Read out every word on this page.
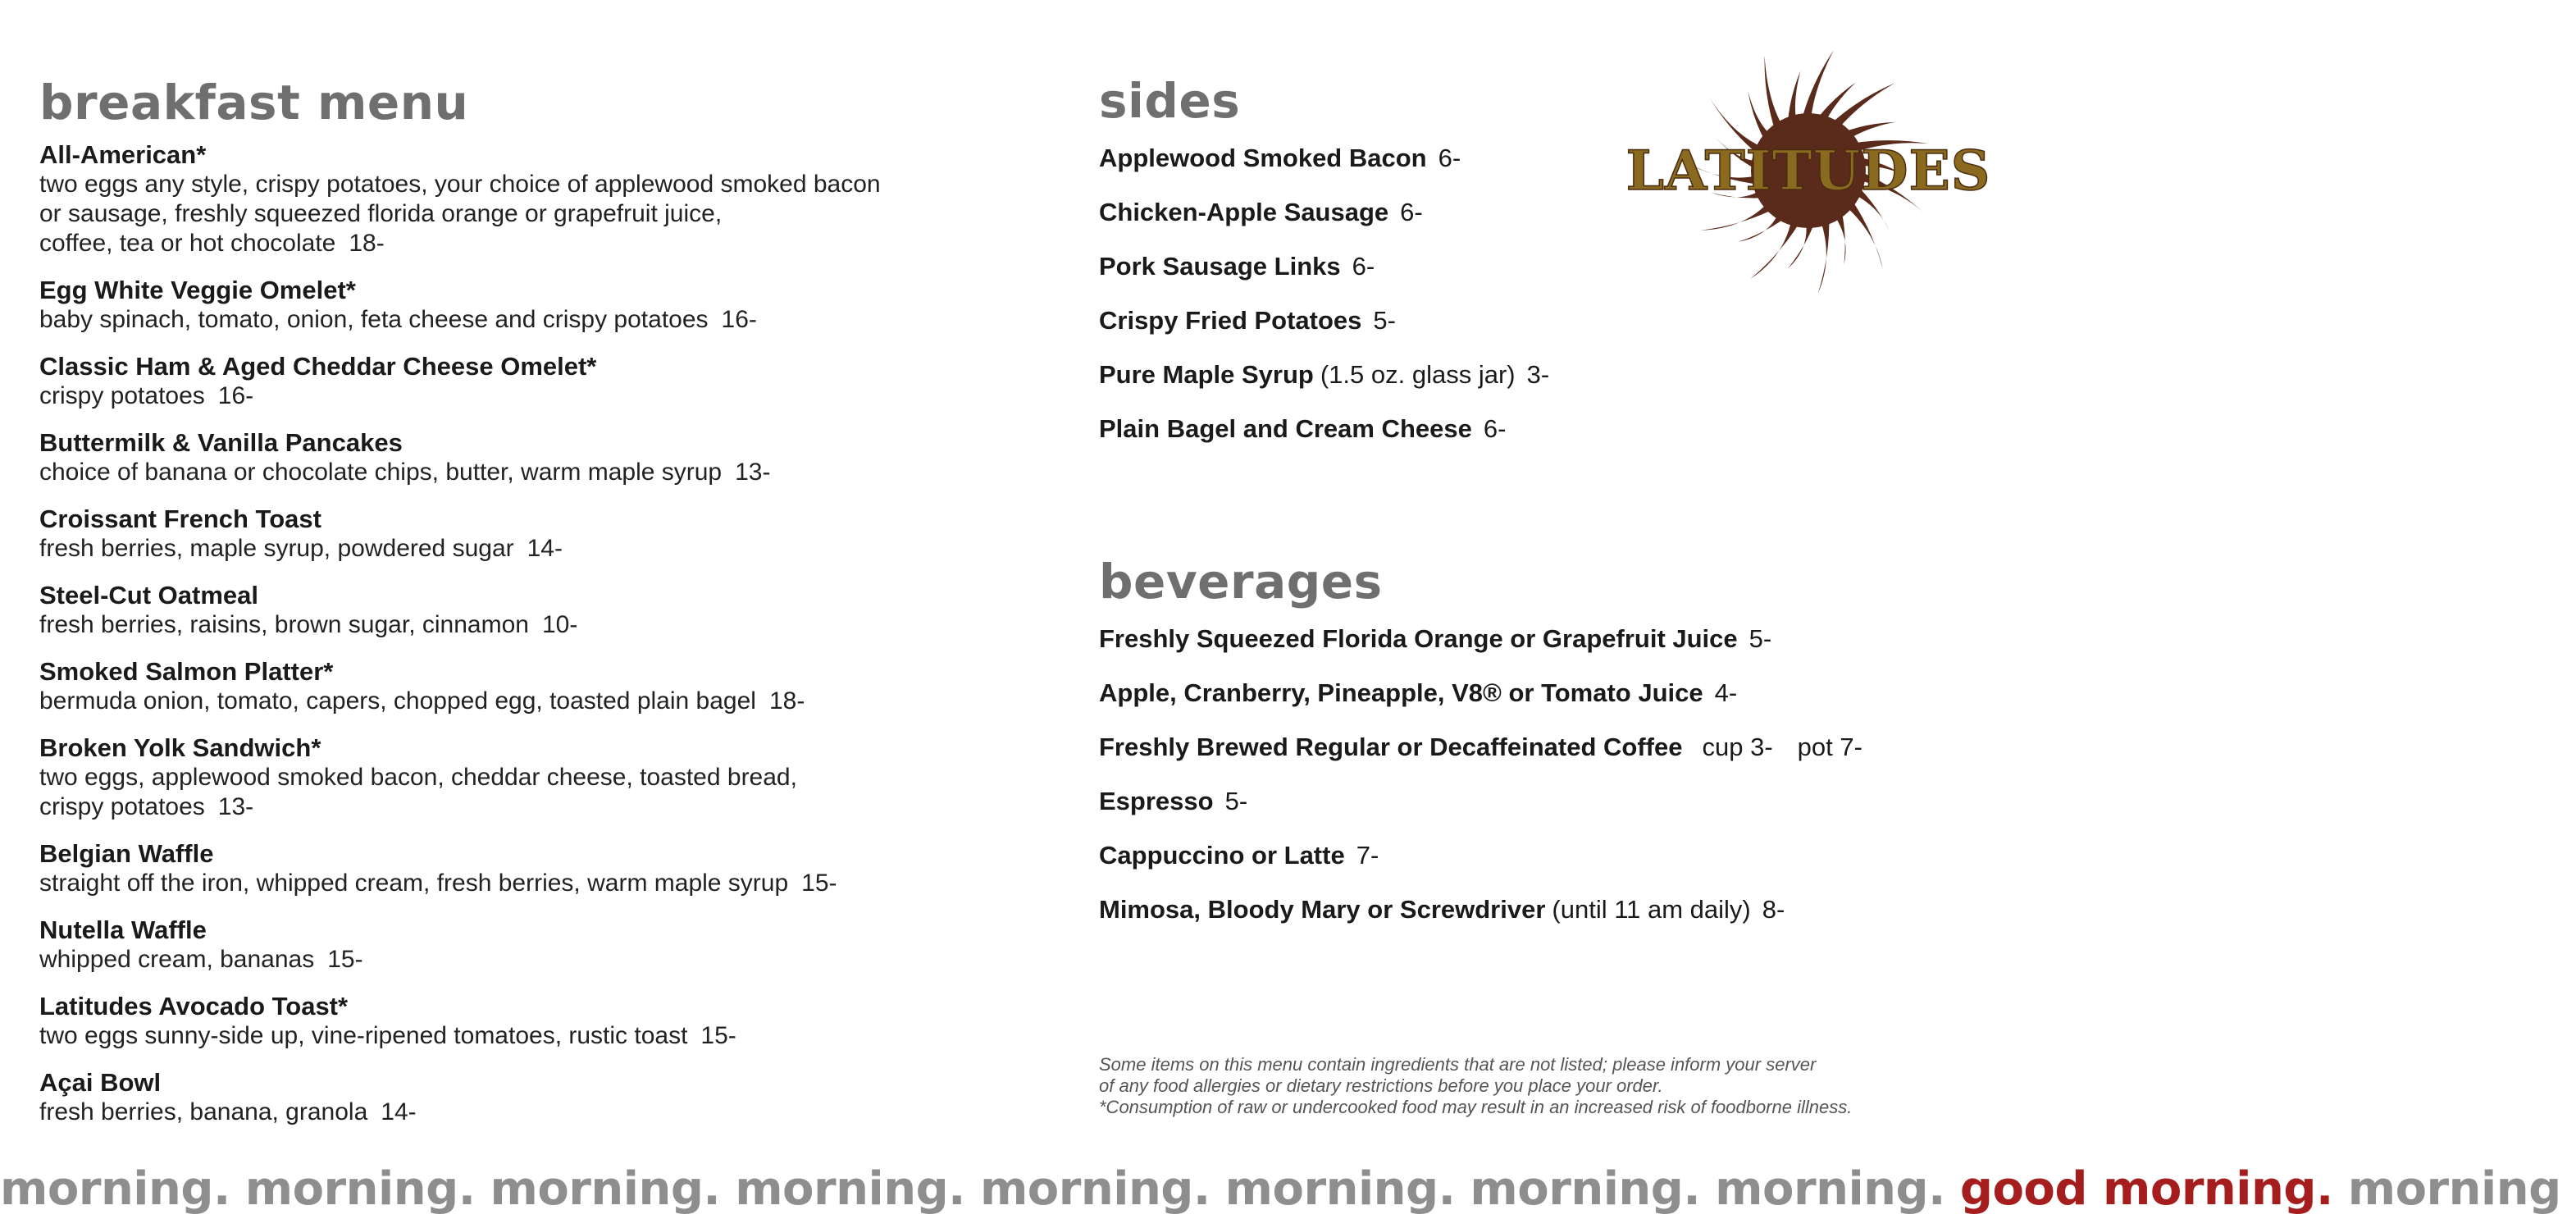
breakfast menu
All-American*
two eggs any style, crispy potatoes, your choice of applewood smoked bacon
or sausage, freshly squeezed florida orange or grapefruit juice,
coffee, tea or hot chocolate 18-
Egg White Veggie Omelet*
baby spinach, tomato, onion, feta cheese and crispy potatoes 16-
Classic Ham & Aged Cheddar Cheese Omelet*
crispy potatoes 16-
Buttermilk & Vanilla Pancakes
choice of banana or chocolate chips, butter, warm maple syrup 13-
Croissant French Toast
fresh berries, maple syrup, powdered sugar 14-
Steel-Cut Oatmeal
fresh berries, raisins, brown sugar, cinnamon 10-
Smoked Salmon Platter*
bermuda onion, tomato, capers, chopped egg, toasted plain bagel 18-
Broken Yolk Sandwich*
two eggs, applewood smoked bacon, cheddar cheese, toasted bread,
crispy potatoes 13-
Belgian Waffle
straight off the iron, whipped cream, fresh berries, warm maple syrup 15-
Nutella Waffle
whipped cream, bananas 15-
Latitudes Avocado Toast*
two eggs sunny-side up, vine-ripened tomatoes, rustic toast 15-
Açai Bowl
fresh berries, banana, granola 14-
sides
Applewood Smoked Bacon 6-
Chicken-Apple Sausage 6-
Pork Sausage Links 6-
Crispy Fried Potatoes 5-
Pure Maple Syrup (1.5 oz. glass jar) 3-
Plain Bagel and Cream Cheese 6-
beverages
Freshly Squeezed Florida Orange or Grapefruit Juice 5-
Apple, Cranberry, Pineapple, V8® or Tomato Juice 4-
Freshly Brewed Regular or Decaffeinated Coffee cup 3- pot 7-
Espresso 5-
Cappuccino or Latte 7-
Mimosa, Bloody Mary or Screwdriver (until 11 am daily) 8-
Some items on this menu contain ingredients that are not listed; please inform your server
of any food allergies or dietary restrictions before you place your order.
*Consumption of raw or undercooked food may result in an increased risk of foodborne illness.
morning. morning. morning. morning. morning. morning. morning. morning. good morning. morning
LATITUDES
